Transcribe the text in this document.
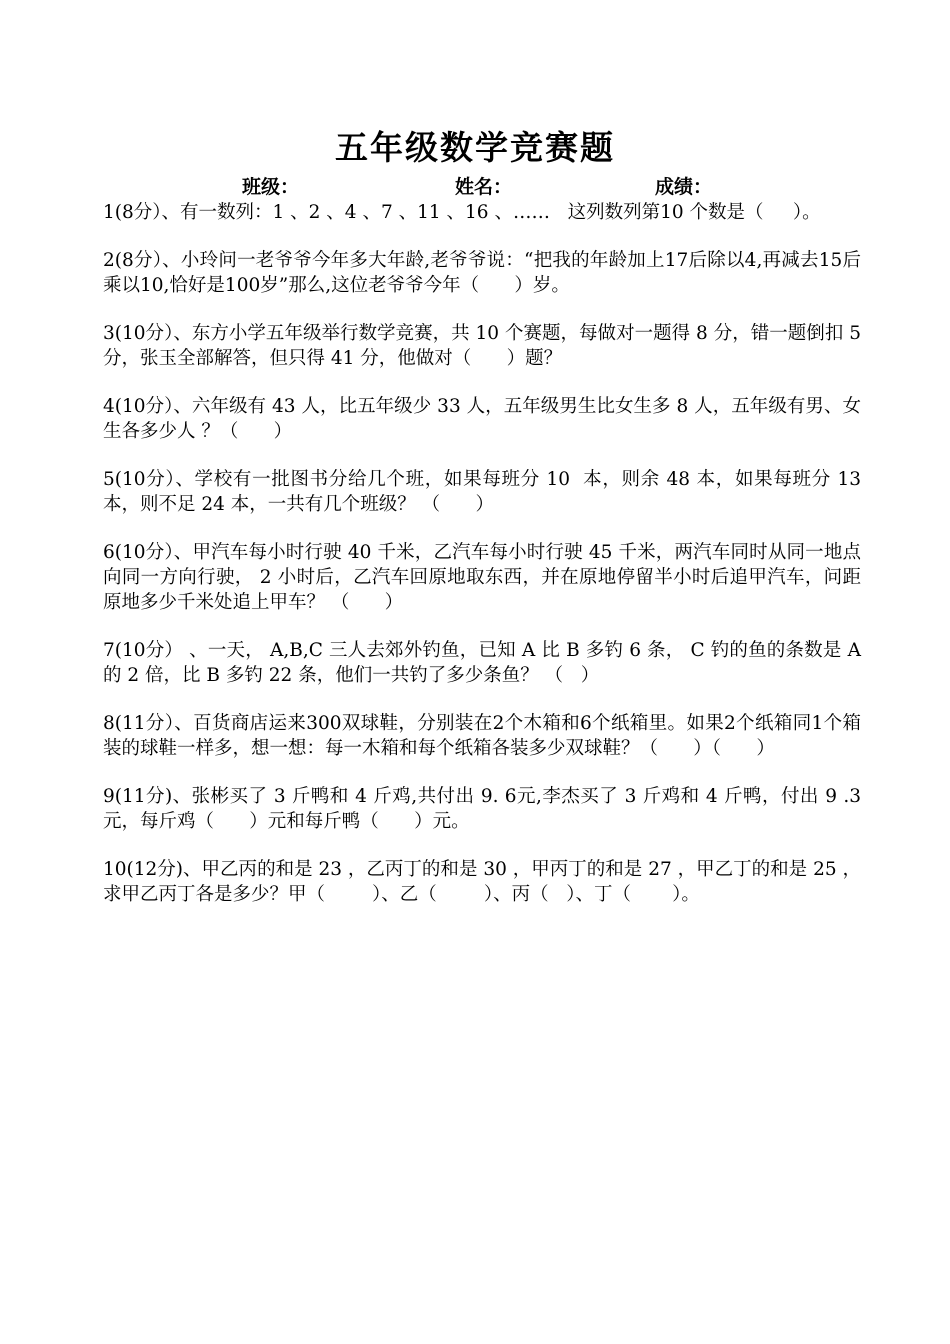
五年级数学竞赛题
班级：	姓名：	成绩：

1(8分）、有一数列：1 、2 、4 、7 、11 、16 、……   这列数列第10 个数是（     ）。

2(8分）、小玲问一老爷爷今年多大年龄,老爷爷说：“把我的年龄加上17后除以4,再减去15后乘以10,恰好是100岁”那么,这位老爷爷今年（      ）岁。

3(10分）、东方小学五年级举行数学竞赛，共 10 个赛题，每做对一题得 8 分，错一题倒扣 5 分，张玉全部解答，但只得 41 分，他做对（      ）题？

4(10分）、六年级有 43 人，比五年级少 33 人，五年级男生比女生多 8 人，五年级有男、女生各多少人 ？（      ）

5(10分）、学校有一批图书分给几个班，如果每班分 10  本，则余 48 本，如果每班分 13 本，则不足 24 本，一共有几个班级？ （      ）

6(10分）、甲汽车每小时行驶 40 千米，乙汽车每小时行驶 45 千米，两汽车同时从同一地点向同一方向行驶， 2 小时后，乙汽车回原地取东西，并在原地停留半小时后追甲汽车，问距原地多少千米处追上甲车？ （      ）

7(10分） 、一天， A,B,C 三人去郊外钓鱼，已知 A 比 B 多钓 6 条， C 钓的鱼的条数是 A 的 2 倍，比 B 多钓 22 条，他们一共钓了多少条鱼？ （   ）

8(11分）、百货商店运来300双球鞋，分别装在2个木箱和6个纸箱里。如果2个纸箱同1个箱装的球鞋一样多，想一想：每一木箱和每个纸箱各装多少双球鞋？（      ）（      ）

9(11分)、张彬买了 3 斤鸭和 4 斤鸡,共付出 9. 6元,李杰买了 3 斤鸡和 4 斤鸭，付出 9 .3元，每斤鸡（      ）元和每斤鸭（      ）元。

10(12分)、甲乙丙的和是 23 ，乙丙丁的和是 30 ，甲丙丁的和是 27 ，甲乙丁的和是 25 ，求甲乙丙丁各是多少？甲（        ）、乙（        ）、丙（   ）、丁（       ）。
